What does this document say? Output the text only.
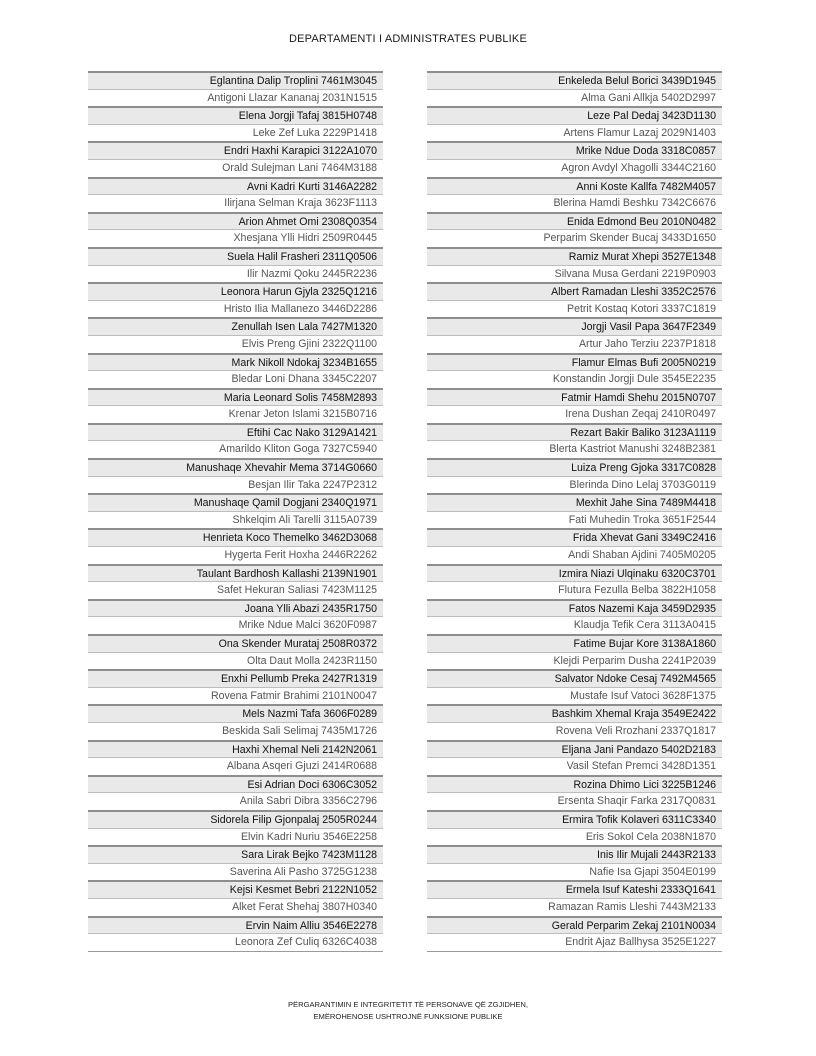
DEPARTAMENTI I ADMINISTRATES PUBLIKE
Eglantina Dalip Troplini 7461M3045
Antigoni Llazar Kananaj 2031N1515
Elena Jorgji Tafaj 3815H0748
Leke Zef Luka 2229P1418
Endri Haxhi Karapici 3122A1070
Orald Sulejman Lani 7464M3188
Avni Kadri Kurti 3146A2282
Ilirjana Selman Kraja 3623F1113
Arion Ahmet Omi 2308Q0354
Xhesjana Ylli Hidri 2509R0445
Suela Halil Frasheri 2311Q0506
Ilir Nazmi Qoku 2445R2236
Leonora Harun Gjyla 2325Q1216
Hristo Ilia Mallanezo 3446D2286
Zenullah Isen Lala 7427M1320
Elvis Preng Gjini 2322Q1100
Mark Nikoll Ndokaj 3234B1655
Bledar Loni Dhana 3345C2207
Maria Leonard Solis 7458M2893
Krenar Jeton Islami 3215B0716
Eftihi Cac Nako 3129A1421
Amarildo Kliton Goga 7327C5940
Manushaqe Xhevahir Mema 3714G0660
Besjan Ilir Taka 2247P2312
Manushaqe Qamil Dogjani 2340Q1971
Shkelqim Ali Tarelli 3115A0739
Henrieta Koco Themelko 3462D3068
Hygerta Ferit Hoxha 2446R2262
Taulant Bardhosh Kallashi 2139N1901
Safet Hekuran Saliasi 7423M1125
Joana Ylli Abazi 2435R1750
Mrike Ndue Malci 3620F0987
Ona Skender Murataj 2508R0372
Olta Daut Molla 2423R1150
Enxhi Pellumb Preka 2427R1319
Rovena Fatmir Brahimi 2101N0047
Mels Nazmi Tafa 3606F0289
Beskida Sali Selimaj 7435M1726
Haxhi Xhemal Neli 2142N2061
Albana Asqeri Gjuzi 2414R0688
Esi Adrian Doci 6306C3052
Anila Sabri Dibra 3356C2796
Sidorela Filip Gjonpalaj 2505R0244
Elvin Kadri Nuriu 3546E2258
Sara Lirak Bejko 7423M1128
Saverina Ali Pasho 3725G1238
Kejsi Kesmet Bebri 2122N1052
Alket Ferat Shehaj 3807H0340
Ervin Naim Alliu 3546E2278
Leonora Zef Culiq 6326C4038
Enkeleda Belul Borici 3439D1945
Alma Gani Allkja 5402D2997
Leze Pal Dedaj 3423D1130
Artens Flamur Lazaj 2029N1403
Mrike Ndue Doda 3318C0857
Agron Avdyl Xhagolli 3344C2160
Anni Koste Kallfa 7482M4057
Blerina Hamdi Beshku 7342C6676
Enida Edmond Beu 2010N0482
Perparim Skender Bucaj 3433D1650
Ramiz Murat Xhepi 3527E1348
Silvana Musa Gerdani 2219P0903
Albert Ramadan Lleshi 3352C2576
Petrit Kostaq Kotori 3337C1819
Jorgji Vasil Papa 3647F2349
Artur Jaho Terziu 2237P1818
Flamur Elmas Bufi 2005N0219
Konstandin Jorgji Dule 3545E2235
Fatmir Hamdi Shehu 2015N0707
Irena Dushan Zeqaj 2410R0497
Rezart Bakir Baliko 3123A1119
Blerta Kastriot Manushi 3248B2381
Luiza Preng Gjoka 3317C0828
Blerinda Dino Lelaj 3703G0119
Mexhit Jahe Sina 7489M4418
Fati Muhedin Troka 3651F2544
Frida Xhevat Gani 3349C2416
Andi Shaban Ajdini 7405M0205
Izmira Niazi Ulqinaku 6320C3701
Flutura Fezulla Belba 3822H1058
Fatos Nazemi Kaja 3459D2935
Klaudja Tefik Cera 3113A0415
Fatime Bujar Kore 3138A1860
Klejdi Perparim Dusha 2241P2039
Salvator Ndoke Cesaj 7492M4565
Mustafe Isuf Vatoci 3628F1375
Bashkim Xhemal Kraja 3549E2422
Rovena Veli Rrozhani 2337Q1817
Eljana Jani Pandazo 5402D2183
Vasil Stefan Premci 3428D1351
Rozina Dhimo Lici 3225B1246
Ersenta Shaqir Farka 2317Q0831
Ermira Tofik Kolaveri 6311C3340
Eris Sokol Cela 2038N1870
Inis Ilir Mujali 2443R2133
Nafie Isa Gjapi 3504E0199
Ermela Isuf Kateshi 2333Q1641
Ramazan Ramis Lleshi 7443M2133
Gerald Perparim Zekaj 2101N0034
Endrit Ajaz Ballhysa 3525E1227
PËRGARANTIMIN E INTEGRITETIT TË PERSONAVE QË ZGJIDHEN,
EMËROHENOSE USHTROJNË FUNKSIONE PUBLIKE
